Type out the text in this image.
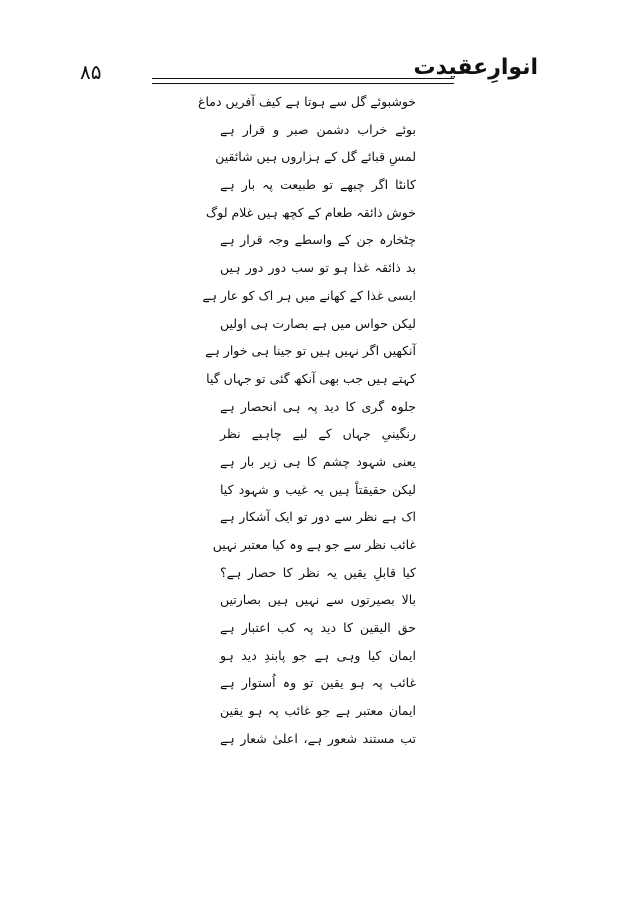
۸۵	انوارِعقیدت
خوشبوئے گل سے ہوتا ہے کیف آفریں دماغ
بوئے خراب دشمن صبر و قرار ہے
لمسِ قبائے گل کے ہزاروں ہیں شائقین
کانٹا اگر چبھے تو طبیعت پہ بار ہے
خوش ذائقہ طعام کے کچھ ہیں غلام لوگ
چٹخارہ جن کے واسطے وجہ قرار ہے
بد ذائقہ غذا ہو تو سب دور دور ہیں
ایسی غذا کے کھانے میں ہر اک کو عار ہے
لیکن حواس میں ہے بصارت ہی اولیں
آنکھیں اگر نہیں ہیں تو جینا ہی خوار ہے
کہتے ہیں جب بھی آنکھ گئی تو جہاں گیا
جلوہ گری کا دید پہ ہی انحصار ہے
رنگینیِ جہاں کے لیے چاہیے نظر
یعنی شہود چشم کا ہی زیر بار ہے
لیکن حقیقتاً ہیں یہ غیب و شہود کیا
اک ہے نظر سے دور تو ایک آشکار ہے
غائب نظر سے جو ہے وہ کیا معتبر نہیں
کیا قابلِ یقیں یہ نظر کا حصار ہے؟
بالا بصیرتوں سے نہیں ہیں بصارتیں
حق الیقین کا دید پہ کب اعتبار ہے
ایمان کیا وہی ہے جو پابندِ دید ہو
غائب پہ ہو یقین تو وہ اُستوار ہے
ایمان معتبر ہے جو غائب پہ ہو یقین
تب مستند شعور ہے، اعلیٰ شعار ہے
